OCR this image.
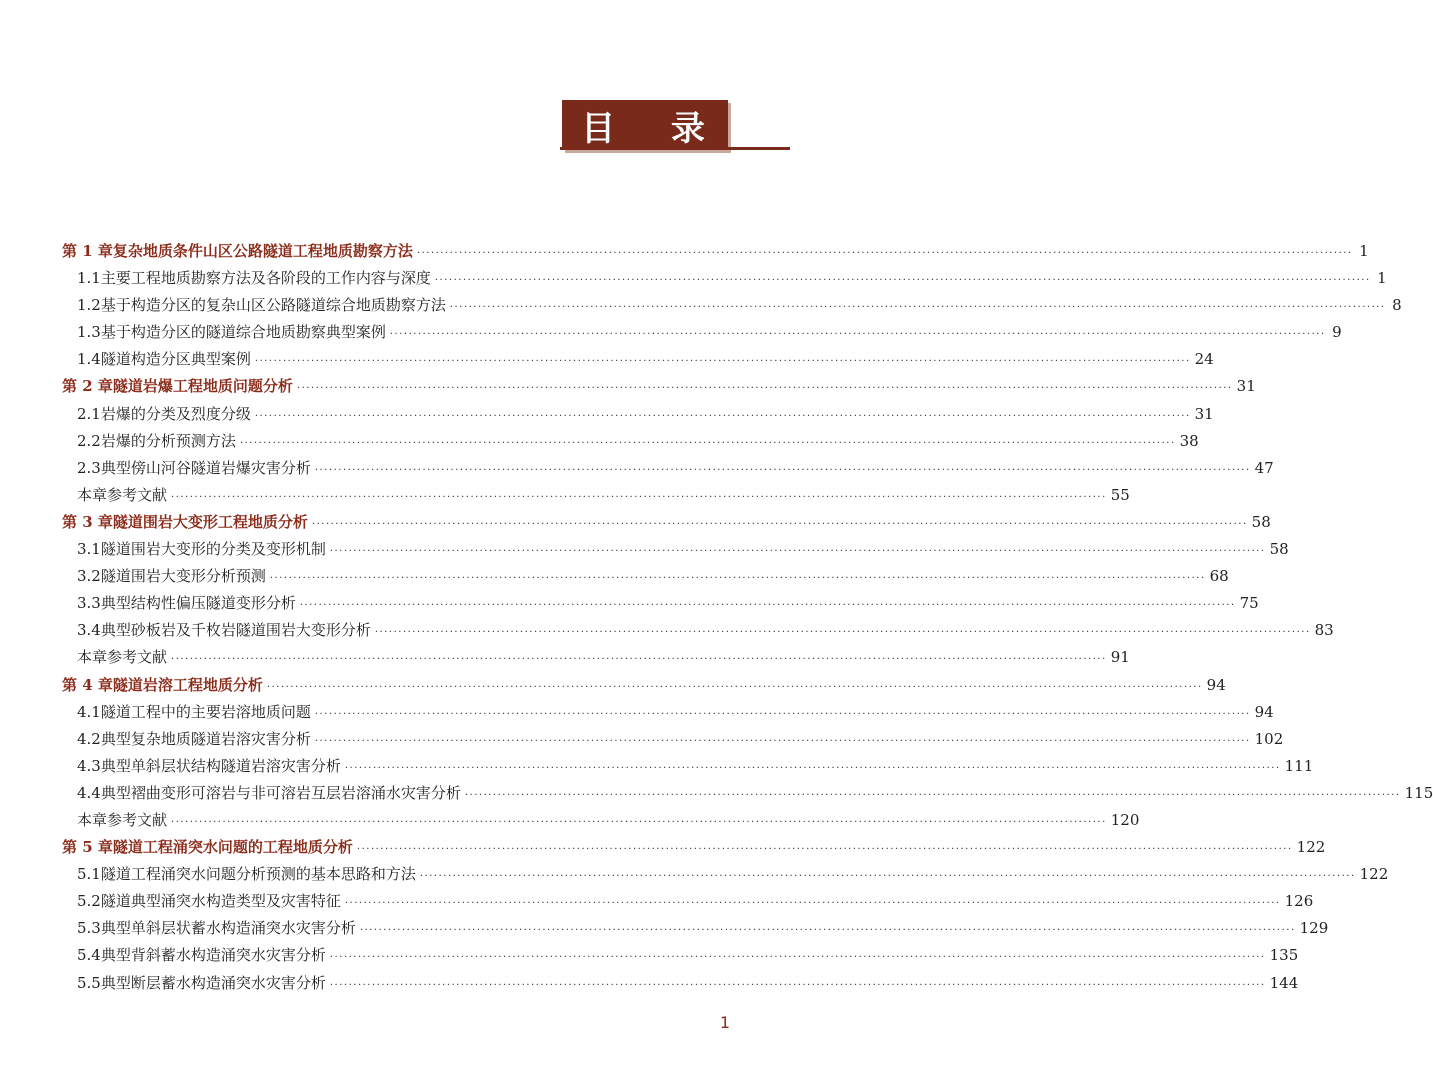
目 录
第 1 章 复杂地质条件山区公路隧道工程地质勘察方法 ········································································································································································································ 1
1.1 主要工程地质勘察方法及各阶段的工作内容与深度 ········································································································································································································ 1
1.2 基于构造分区的复杂山区公路隧道综合地质勘察方法 ········································································································································································································ 8
1.3 基于构造分区的隧道综合地质勘察典型案例 ········································································································································································································ 9
1.4 隧道构造分区典型案例 ········································································································································································································ 24
第 2 章 隧道岩爆工程地质问题分析 ········································································································································································································ 31
2.1 岩爆的分类及烈度分级 ········································································································································································································ 31
2.2 岩爆的分析预测方法 ········································································································································································································ 38
2.3 典型傍山河谷隧道岩爆灾害分析 ········································································································································································································ 47
本章参考文献 ········································································································································································································ 55
第 3 章 隧道围岩大变形工程地质分析 ········································································································································································································ 58
3.1 隧道围岩大变形的分类及变形机制 ········································································································································································································ 58
3.2 隧道围岩大变形分析预测 ········································································································································································································ 68
3.3 典型结构性偏压隧道变形分析 ········································································································································································································ 75
3.4 典型砂板岩及千枚岩隧道围岩大变形分析 ········································································································································································································ 83
本章参考文献 ········································································································································································································ 91
第 4 章 隧道岩溶工程地质分析 ········································································································································································································ 94
4.1 隧道工程中的主要岩溶地质问题 ········································································································································································································ 94
4.2 典型复杂地质隧道岩溶灾害分析 ········································································································································································································ 102
4.3 典型单斜层状结构隧道岩溶灾害分析 ········································································································································································································ 111
4.4 典型褶曲变形可溶岩与非可溶岩互层岩溶涌水灾害分析 ········································································································································································································ 115
本章参考文献 ········································································································································································································ 120
第 5 章 隧道工程涌突水问题的工程地质分析 ········································································································································································································ 122
5.1 隧道工程涌突水问题分析预测的基本思路和方法 ········································································································································································································ 122
5.2 隧道典型涌突水构造类型及灾害特征 ········································································································································································································ 126
5.3 典型单斜层状蓄水构造涌突水灾害分析 ········································································································································································································ 129
5.4 典型背斜蓄水构造涌突水灾害分析 ········································································································································································································ 135
5.5 典型断层蓄水构造涌突水灾害分析 ········································································································································································································ 144
1
